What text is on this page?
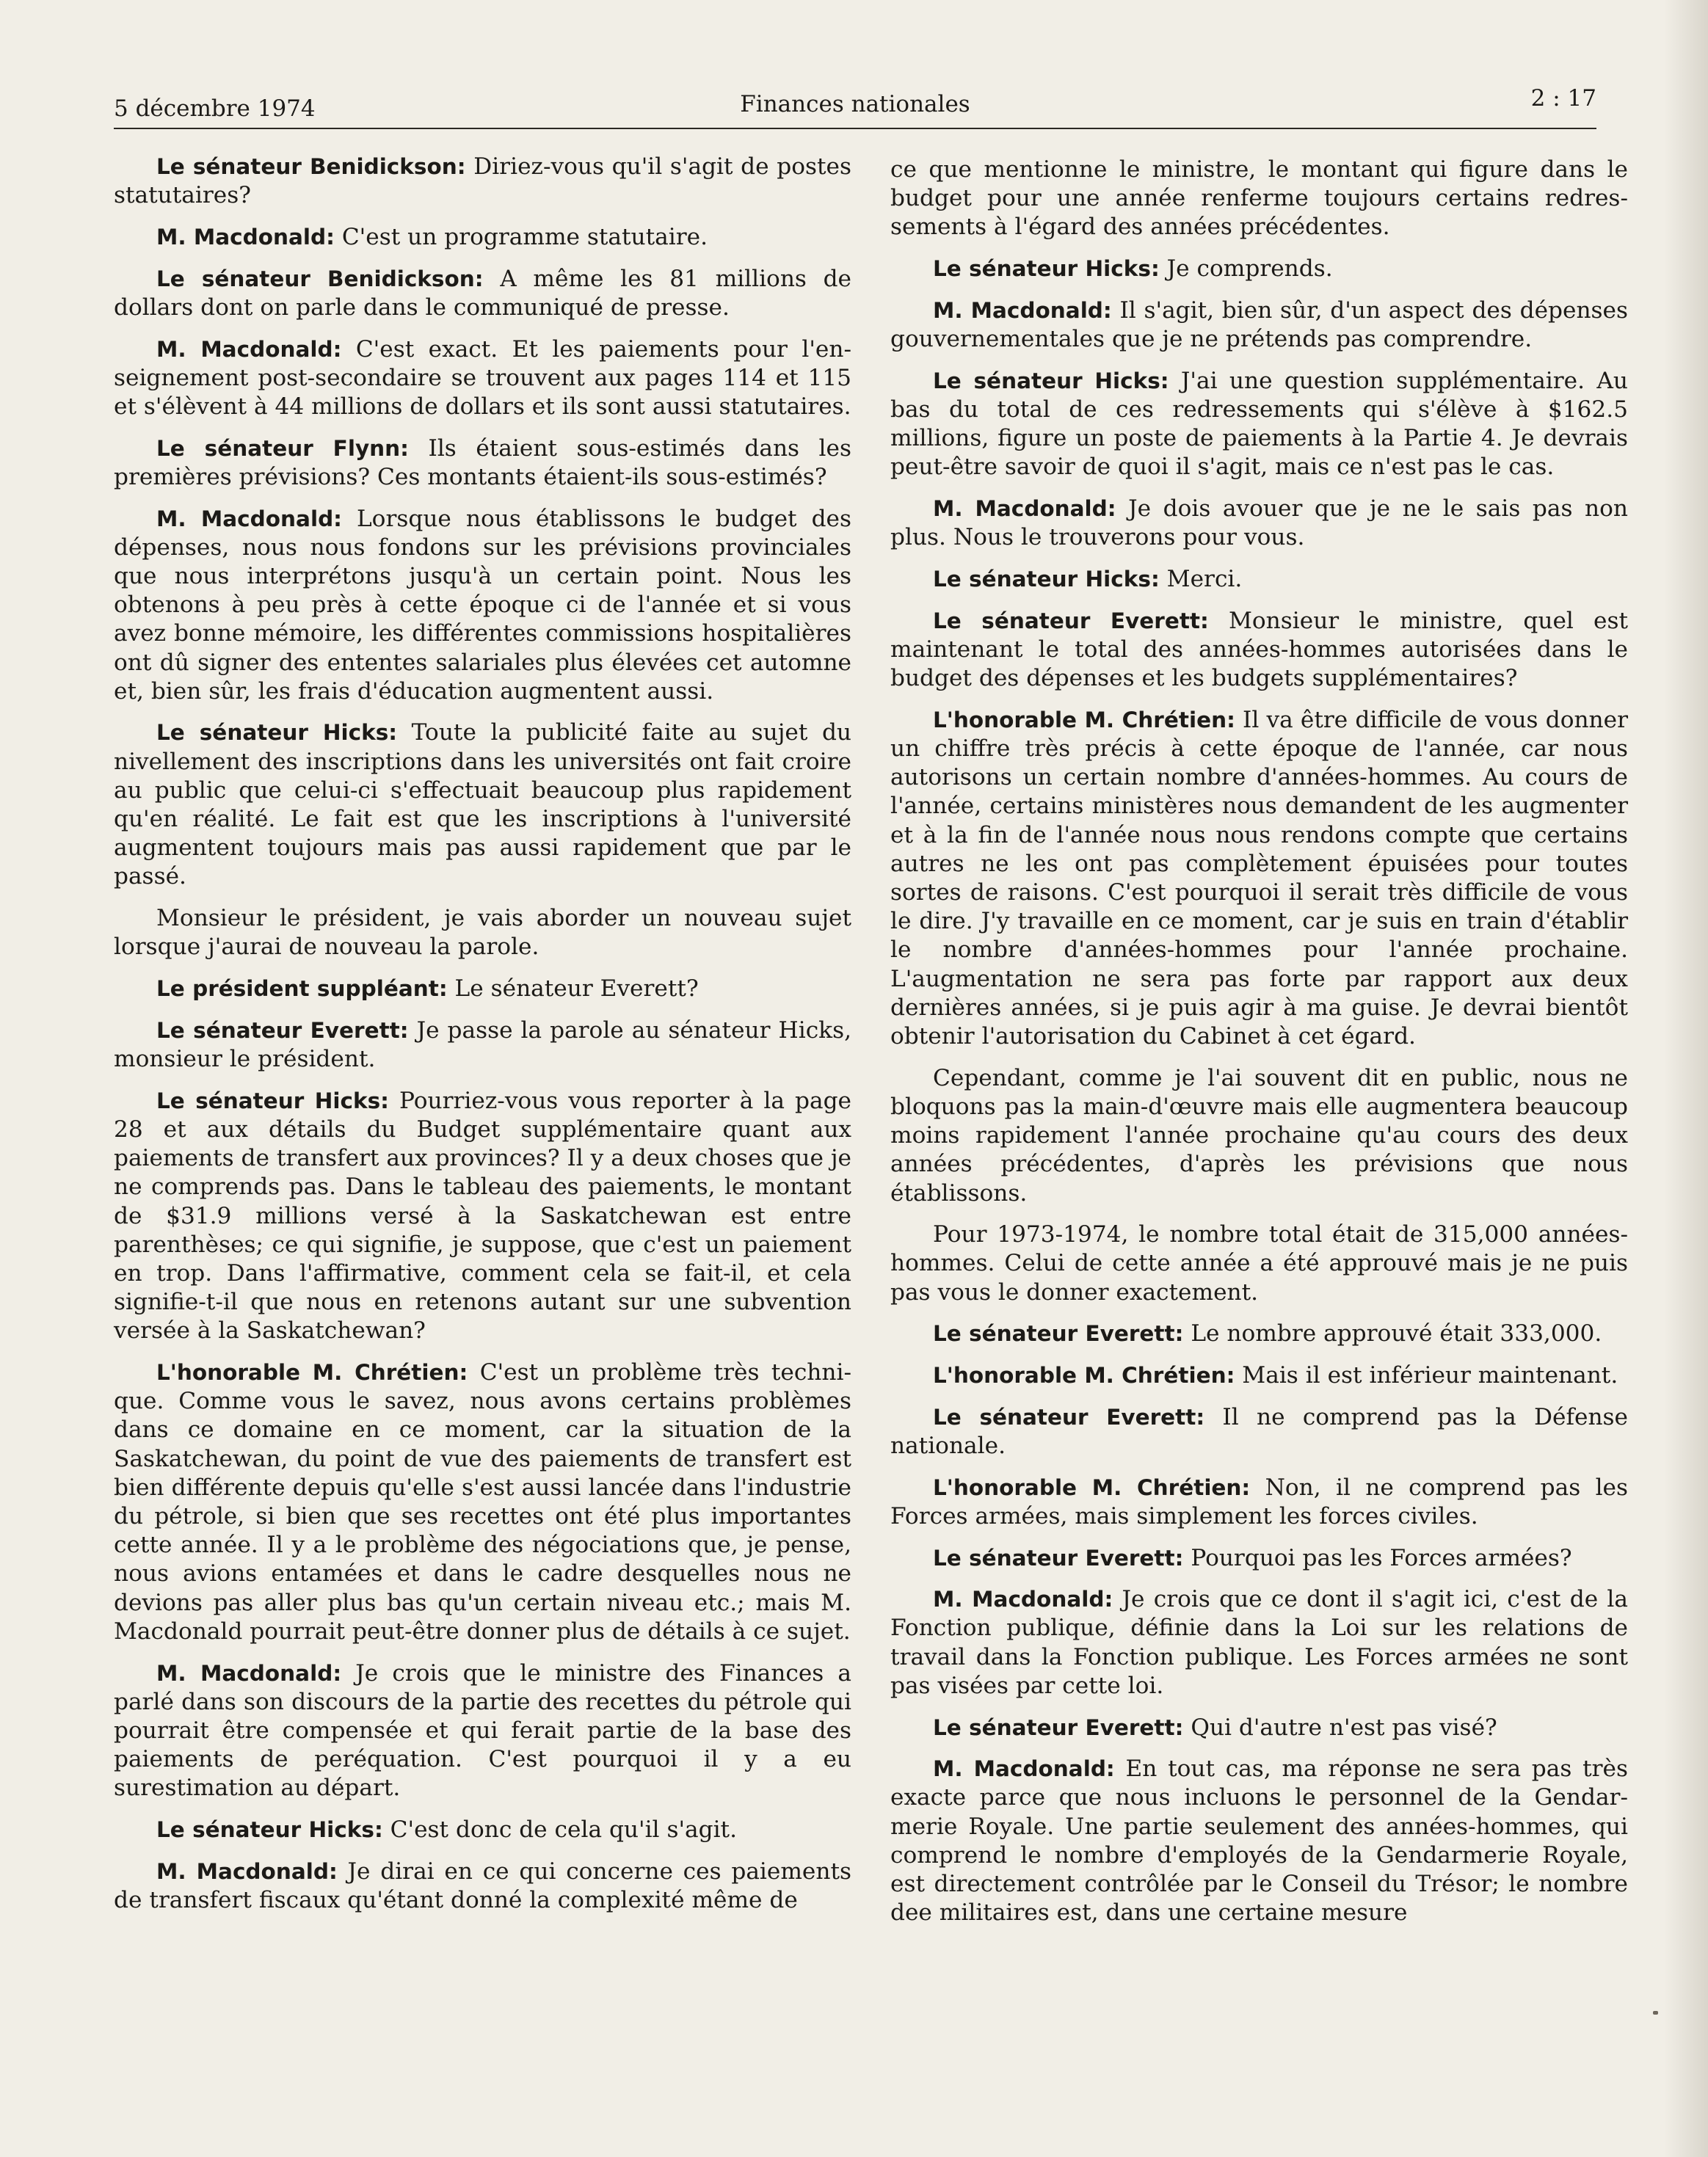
5 décembre 1974	Finances nationales	2 : 17

Le sénateur Benidickson: Diriez-vous qu'il s'agit de postes statutaires?

M. Macdonald: C'est un programme statutaire.

Le sénateur Benidickson: A même les 81 millions de dollars dont on parle dans le communiqué de presse.

M. Macdonald: C'est exact. Et les paiements pour l'enseignement post-secondaire se trouvent aux pages 114 et 115 et s'élèvent à 44 millions de dollars et ils sont aussi statutaires.

Le sénateur Flynn: Ils étaient sous-estimés dans les premières prévisions? Ces montants étaient-ils sous-estimés?

M. Macdonald: Lorsque nous établissons le budget des dépenses, nous nous fondons sur les prévisions provinciales que nous interprétons jusqu'à un certain point. Nous les obtenons à peu près à cette époque ci de l'année et si vous avez bonne mémoire, les différentes commissions hospitalières ont dû signer des ententes salariales plus élevées cet automne et, bien sûr, les frais d'éducation augmentent aussi.

Le sénateur Hicks: Toute la publicité faite au sujet du nivellement des inscriptions dans les universités ont fait croire au public que celui-ci s'effectuait beaucoup plus rapidement qu'en réalité. Le fait est que les inscriptions à l'université augmentent toujours mais pas aussi rapidement que par le passé.

Monsieur le président, je vais aborder un nouveau sujet lorsque j'aurai de nouveau la parole.

Le président suppléant: Le sénateur Everett?

Le sénateur Everett: Je passe la parole au sénateur Hicks, monsieur le président.

Le sénateur Hicks: Pourriez-vous vous reporter à la page 28 et aux détails du Budget supplémentaire quant aux paiements de transfert aux provinces? Il y a deux choses que je ne comprends pas. Dans le tableau des paiements, le montant de $31.9 millions versé à la Saskatchewan est entre parenthèses; ce qui signifie, je suppose, que c'est un paiement en trop. Dans l'affirmative, comment cela se fait-il, et cela signifie-t-il que nous en retenons autant sur une subvention versée à la Saskatchewan?

L'honorable M. Chrétien: C'est un problème très technique. Comme vous le savez, nous avons certains problèmes dans ce domaine en ce moment, car la situation de la Saskatchewan, du point de vue des paiements de transfert est bien différente depuis qu'elle s'est aussi lancée dans l'industrie du pétrole, si bien que ses recettes ont été plus importantes cette année. Il y a le problème des négociations que, je pense, nous avions entamées et dans le cadre desquelles nous ne devions pas aller plus bas qu'un certain niveau etc.; mais M. Macdonald pourrait peut-être donner plus de détails à ce sujet.

M. Macdonald: Je crois que le ministre des Finances a parlé dans son discours de la partie des recettes du pétrole qui pourrait être compensée et qui ferait partie de la base des paiements de peréquation. C'est pourquoi il y a eu surestimation au départ.

Le sénateur Hicks: C'est donc de cela qu'il s'agit.

M. Macdonald: Je dirai en ce qui concerne ces paiements de transfert fiscaux qu'étant donné la complexité même de

ce que mentionne le ministre, le montant qui figure dans le budget pour une année renferme toujours certains redressements à l'égard des années précédentes.

Le sénateur Hicks: Je comprends.

M. Macdonald: Il s'agit, bien sûr, d'un aspect des dépenses gouvernementales que je ne prétends pas comprendre.

Le sénateur Hicks: J'ai une question supplémentaire. Au bas du total de ces redressements qui s'élève à $162.5 millions, figure un poste de paiements à la Partie 4. Je devrais peut-être savoir de quoi il s'agit, mais ce n'est pas le cas.

M. Macdonald: Je dois avouer que je ne le sais pas non plus. Nous le trouverons pour vous.

Le sénateur Hicks: Merci.

Le sénateur Everett: Monsieur le ministre, quel est maintenant le total des années-hommes autorisées dans le budget des dépenses et les budgets supplémentaires?

L'honorable M. Chrétien: Il va être difficile de vous donner un chiffre très précis à cette époque de l'année, car nous autorisons un certain nombre d'années-hommes. Au cours de l'année, certains ministères nous demandent de les augmenter et à la fin de l'année nous nous rendons compte que certains autres ne les ont pas complètement épuisées pour toutes sortes de raisons. C'est pourquoi il serait très difficile de vous le dire. J'y travaille en ce moment, car je suis en train d'établir le nombre d'années-hommes pour l'année prochaine. L'augmentation ne sera pas forte par rapport aux deux dernières années, si je puis agir à ma guise. Je devrai bientôt obtenir l'autorisation du Cabinet à cet égard.

Cependant, comme je l'ai souvent dit en public, nous ne bloquons pas la main-d'œuvre mais elle augmentera beaucoup moins rapidement l'année prochaine qu'au cours des deux années précédentes, d'après les prévisions que nous établissons.

Pour 1973-1974, le nombre total était de 315,000 années-hommes. Celui de cette année a été approuvé mais je ne puis pas vous le donner exactement.

Le sénateur Everett: Le nombre approuvé était 333,000.

L'honorable M. Chrétien: Mais il est inférieur maintenant.

Le sénateur Everett: Il ne comprend pas la Défense nationale.

L'honorable M. Chrétien: Non, il ne comprend pas les Forces armées, mais simplement les forces civiles.

Le sénateur Everett: Pourquoi pas les Forces armées?

M. Macdonald: Je crois que ce dont il s'agit ici, c'est de la Fonction publique, définie dans la Loi sur les relations de travail dans la Fonction publique. Les Forces armées ne sont pas visées par cette loi.

Le sénateur Everett: Qui d'autre n'est pas visé?

M. Macdonald: En tout cas, ma réponse ne sera pas très exacte parce que nous incluons le personnel de la Gendarmerie Royale. Une partie seulement des années-hommes, qui comprend le nombre d'employés de la Gendarmerie Royale, est directement contrôlée par le Conseil du Trésor; le nombre dee militaires est, dans une certaine mesure
